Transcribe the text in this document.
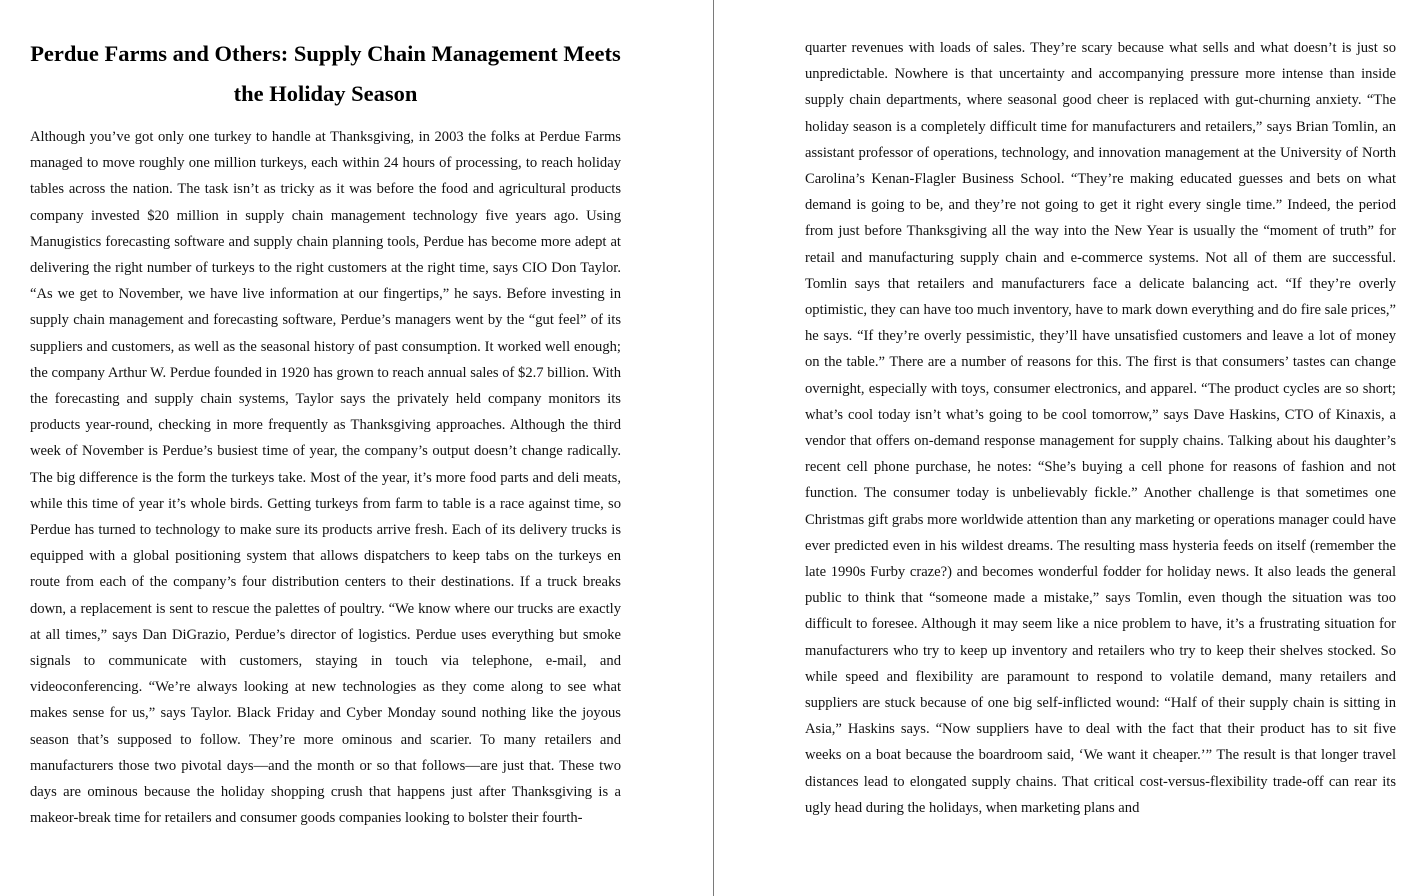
Perdue Farms and Others: Supply Chain Management Meets the Holiday Season

Although you’ve got only one turkey to handle at Thanksgiving, in 2003 the folks at Perdue Farms managed to move roughly one million turkeys, each within 24 hours of processing, to reach holiday tables across the nation. The task isn’t as tricky as it was before the food and agricultural products company invested $20 million in supply chain management technology five years ago. Using Manugistics forecasting software and supply chain planning tools, Perdue has become more adept at delivering the right number of turkeys to the right customers at the right time, says CIO Don Taylor. “As we get to November, we have live information at our fingertips,” he says. Before investing in supply chain management and forecasting software, Perdue’s managers went by the “gut feel” of its suppliers and customers, as well as the seasonal history of past consumption. It worked well enough; the company Arthur W. Perdue founded in 1920 has grown to reach annual sales of $2.7 billion. With the forecasting and supply chain systems, Taylor says the privately held company monitors its products year-round, checking in more frequently as Thanksgiving approaches. Although the third week of November is Perdue’s busiest time of year, the company’s output doesn’t change radically. The big difference is the form the turkeys take. Most of the year, it’s more food parts and deli meats, while this time of year it’s whole birds. Getting turkeys from farm to table is a race against time, so Perdue has turned to technology to make sure its products arrive fresh. Each of its delivery trucks is equipped with a global positioning system that allows dispatchers to keep tabs on the turkeys en route from each of the company’s four distribution centers to their destinations. If a truck breaks down, a replacement is sent to rescue the palettes of poultry. “We know where our trucks are exactly at all times,” says Dan DiGrazio, Perdue’s director of logistics. Perdue uses everything but smoke signals to communicate with customers, staying in touch via telephone, e-mail, and videoconferencing. “We’re always looking at new technologies as they come along to see what makes sense for us,” says Taylor. Black Friday and Cyber Monday sound nothing like the joyous season that’s supposed to follow. They’re more ominous and scarier. To many retailers and manufacturers those two pivotal days—and the month or so that follows—are just that. These two days are ominous because the holiday shopping crush that happens just after Thanksgiving is a makeor-break time for retailers and consumer goods companies looking to bolster their fourth-

quarter revenues with loads of sales. They’re scary because what sells and what doesn’t is just so unpredictable. Nowhere is that uncertainty and accompanying pressure more intense than inside supply chain departments, where seasonal good cheer is replaced with gut-churning anxiety. “The holiday season is a completely difficult time for manufacturers and retailers,” says Brian Tomlin, an assistant professor of operations, technology, and innovation management at the University of North Carolina’s Kenan-Flagler Business School. “They’re making educated guesses and bets on what demand is going to be, and they’re not going to get it right every single time.” Indeed, the period from just before Thanksgiving all the way into the New Year is usually the “moment of truth” for retail and manufacturing supply chain and e-commerce systems. Not all of them are successful. Tomlin says that retailers and manufacturers face a delicate balancing act. “If they’re overly optimistic, they can have too much inventory, have to mark down everything and do fire sale prices,” he says. “If they’re overly pessimistic, they’ll have unsatisfied customers and leave a lot of money on the table.” There are a number of reasons for this. The first is that consumers’ tastes can change overnight, especially with toys, consumer electronics, and apparel. “The product cycles are so short; what’s cool today isn’t what’s going to be cool tomorrow,” says Dave Haskins, CTO of Kinaxis, a vendor that offers on-demand response management for supply chains. Talking about his daughter’s recent cell phone purchase, he notes: “She’s buying a cell phone for reasons of fashion and not function. The consumer today is unbelievably fickle.” Another challenge is that sometimes one Christmas gift grabs more worldwide attention than any marketing or operations manager could have ever predicted even in his wildest dreams. The resulting mass hysteria feeds on itself (remember the late 1990s Furby craze?) and becomes wonderful fodder for holiday news. It also leads the general public to think that “someone made a mistake,” says Tomlin, even though the situation was too difficult to foresee. Although it may seem like a nice problem to have, it’s a frustrating situation for manufacturers who try to keep up inventory and retailers who try to keep their shelves stocked. So while speed and flexibility are paramount to respond to volatile demand, many retailers and suppliers are stuck because of one big self-inflicted wound: “Half of their supply chain is sitting in Asia,” Haskins says. “Now suppliers have to deal with the fact that their product has to sit five weeks on a boat because the boardroom said, ‘We want it cheaper.’” The result is that longer travel distances lead to elongated supply chains. That critical cost-versus-flexibility trade-off can rear its ugly head during the holidays, when marketing plans and
